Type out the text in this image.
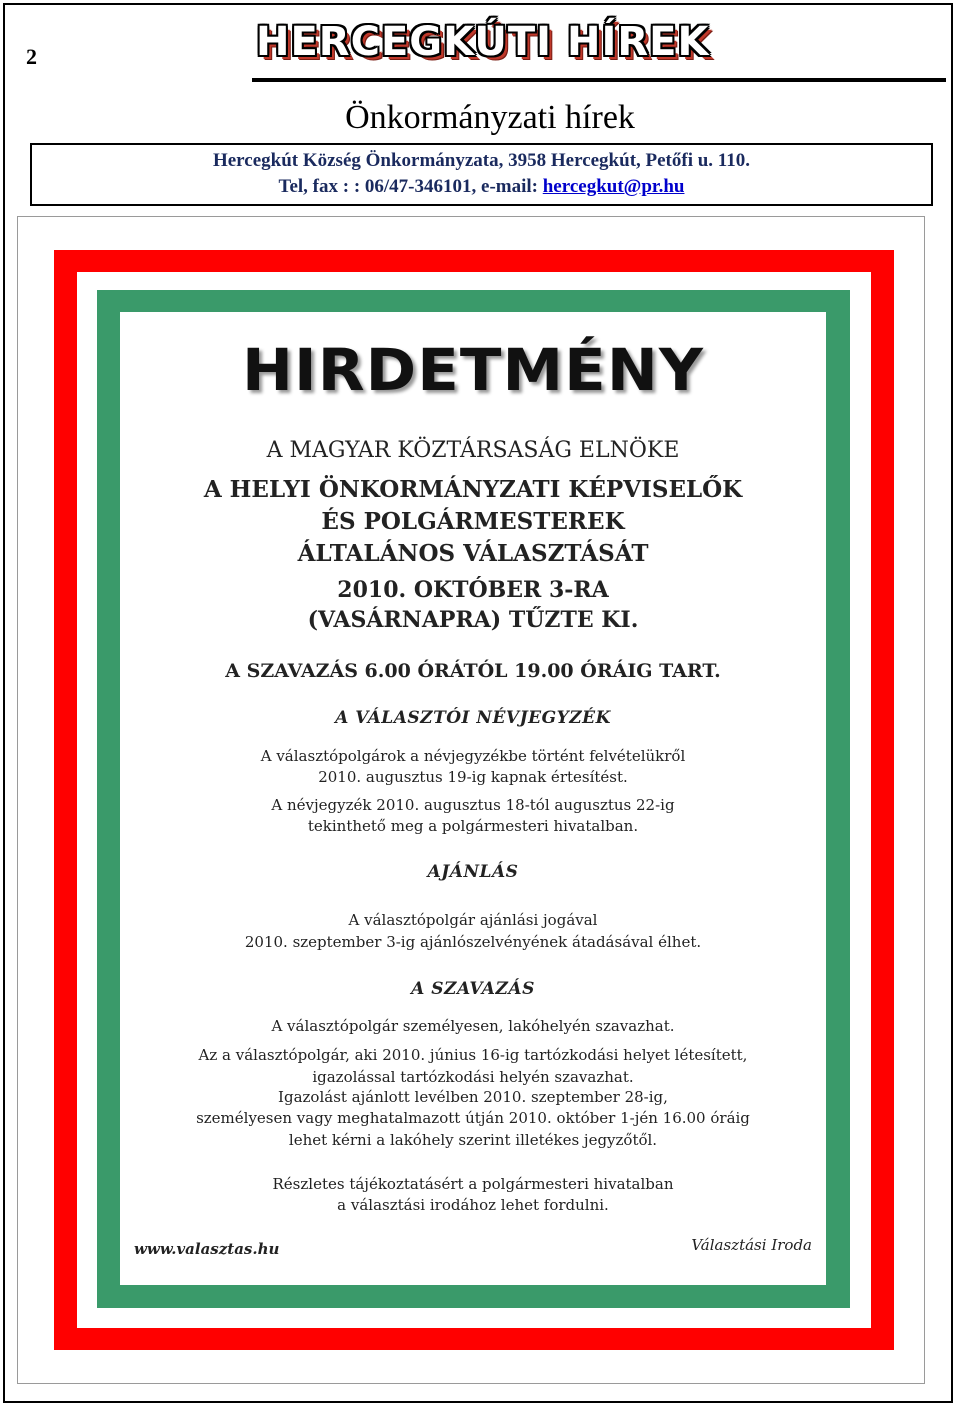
2	HERCEGKÚTI HÍREK
Önkormányzati hírek
Hercegkút Község Önkormányzata, 3958 Hercegkút, Petőfi u. 110.
Tel, fax : : 06/47-346101, e-mail: hercegkut@pr.hu
HIRDETMÉNY
A MAGYAR KÖZTÁRSASÁG ELNÖKE
A HELYI ÖNKORMÁNYZATI KÉPVISELŐK
ÉS POLGÁRMESTEREK
ÁLTALÁNOS VÁLASZTÁSÁT
2010. OKTÓBER 3-RA
(VASÁRNAPRA) TŰZTE KI.
A SZAVAZÁS 6.00 ÓRÁTÓL 19.00 ÓRÁIG TART.
A VÁLASZTÓI NÉVJEGYZÉK
A választópolgárok a névjegyzékbe történt felvételükről
2010. augusztus 19-ig kapnak értesítést.
A névjegyzék 2010. augusztus 18-tól augusztus 22-ig
tekinthető meg a polgármesteri hivatalban.
AJÁNLÁS
A választópolgár ajánlási jogával
2010. szeptember 3-ig ajánlószelvényének átadásával élhet.
A SZAVAZÁS
A választópolgár személyesen, lakóhelyén szavazhat.
Az a választópolgár, aki 2010. június 16-ig tartózkodási helyet létesített,
igazolással tartózkodási helyén szavazhat.
Igazolást ajánlott levélben 2010. szeptember 28-ig,
személyesen vagy meghatalmazott útján 2010. október 1-jén 16.00 óráig
lehet kérni a lakóhely szerint illetékes jegyzőtől.
Részletes tájékoztatásért a polgármesteri hivatalban
a választási irodához lehet fordulni.
www.valasztas.hu	Választási Iroda
